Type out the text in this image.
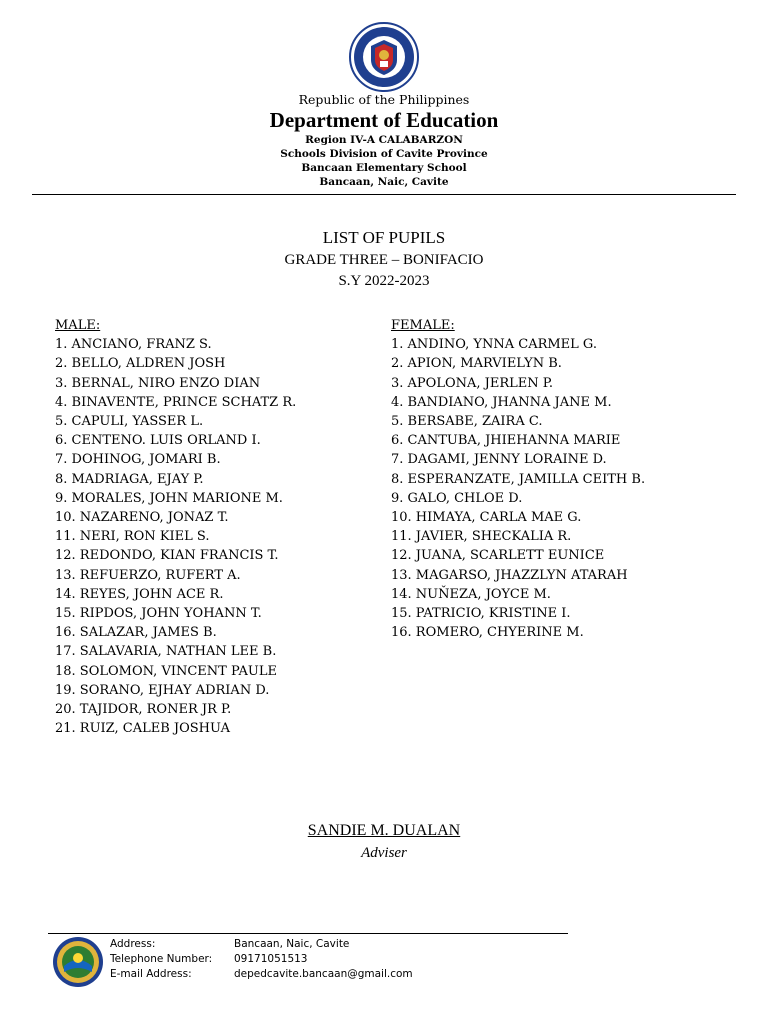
Republic of the Philippines
Department of Education
Region IV-A CALABARZON
Schools Division of Cavite Province
Bancaan Elementary School
Bancaan, Naic, Cavite
LIST OF PUPILS
GRADE THREE – BONIFACIO
S.Y 2022-2023
MALE:
1. ANCIANO, FRANZ S.
2. BELLO, ALDREN JOSH
3. BERNAL, NIRO ENZO DIAN
4. BINAVENTE, PRINCE SCHATZ R.
5. CAPULI, YASSER L.
6. CENTENO. LUIS ORLAND I.
7. DOHINOG, JOMARI B.
8. MADRIAGA, EJAY P.
9. MORALES, JOHN MARIONE M.
10. NAZARENO, JONAZ T.
11. NERI, RON KIEL S.
12. REDONDO, KIAN FRANCIS T.
13. REFUERZO, RUFERT A.
14. REYES, JOHN ACE R.
15. RIPDOS, JOHN YOHANN T.
16. SALAZAR, JAMES B.
17. SALAVARIA, NATHAN LEE B.
18. SOLOMON, VINCENT PAULE
19. SORANO, EJHAY ADRIAN D.
20. TAJIDOR, RONER JR P.
21. RUIZ, CALEB JOSHUA
FEMALE:
1. ANDINO, YNNA CARMEL G.
2. APION, MARVIELYN B.
3. APOLONA, JERLEN P.
4. BANDIANO, JHANNA JANE M.
5. BERSABE, ZAIRA C.
6. CANTUBA, JHIEHANNA MARIE
7. DAGAMI, JENNY LORAINE D.
8. ESPERANZATE, JAMILLA CEITH B.
9. GALO, CHLOE D.
10. HIMAYA, CARLA MAE G.
11. JAVIER, SHECKALIA R.
12. JUANA, SCARLETT EUNICE
13. MAGARSO, JHAZZLYN ATARAH
14. NUŇEZA, JOYCE M.
15. PATRICIO, KRISTINE I.
16. ROMERO, CHYERINE M.
SANDIE M. DUALAN
Adviser
Address:
Telephone Number:
E-mail Address:
Bancaan, Naic, Cavite
09171051513
depedcavite.bancaan@gmail.com
